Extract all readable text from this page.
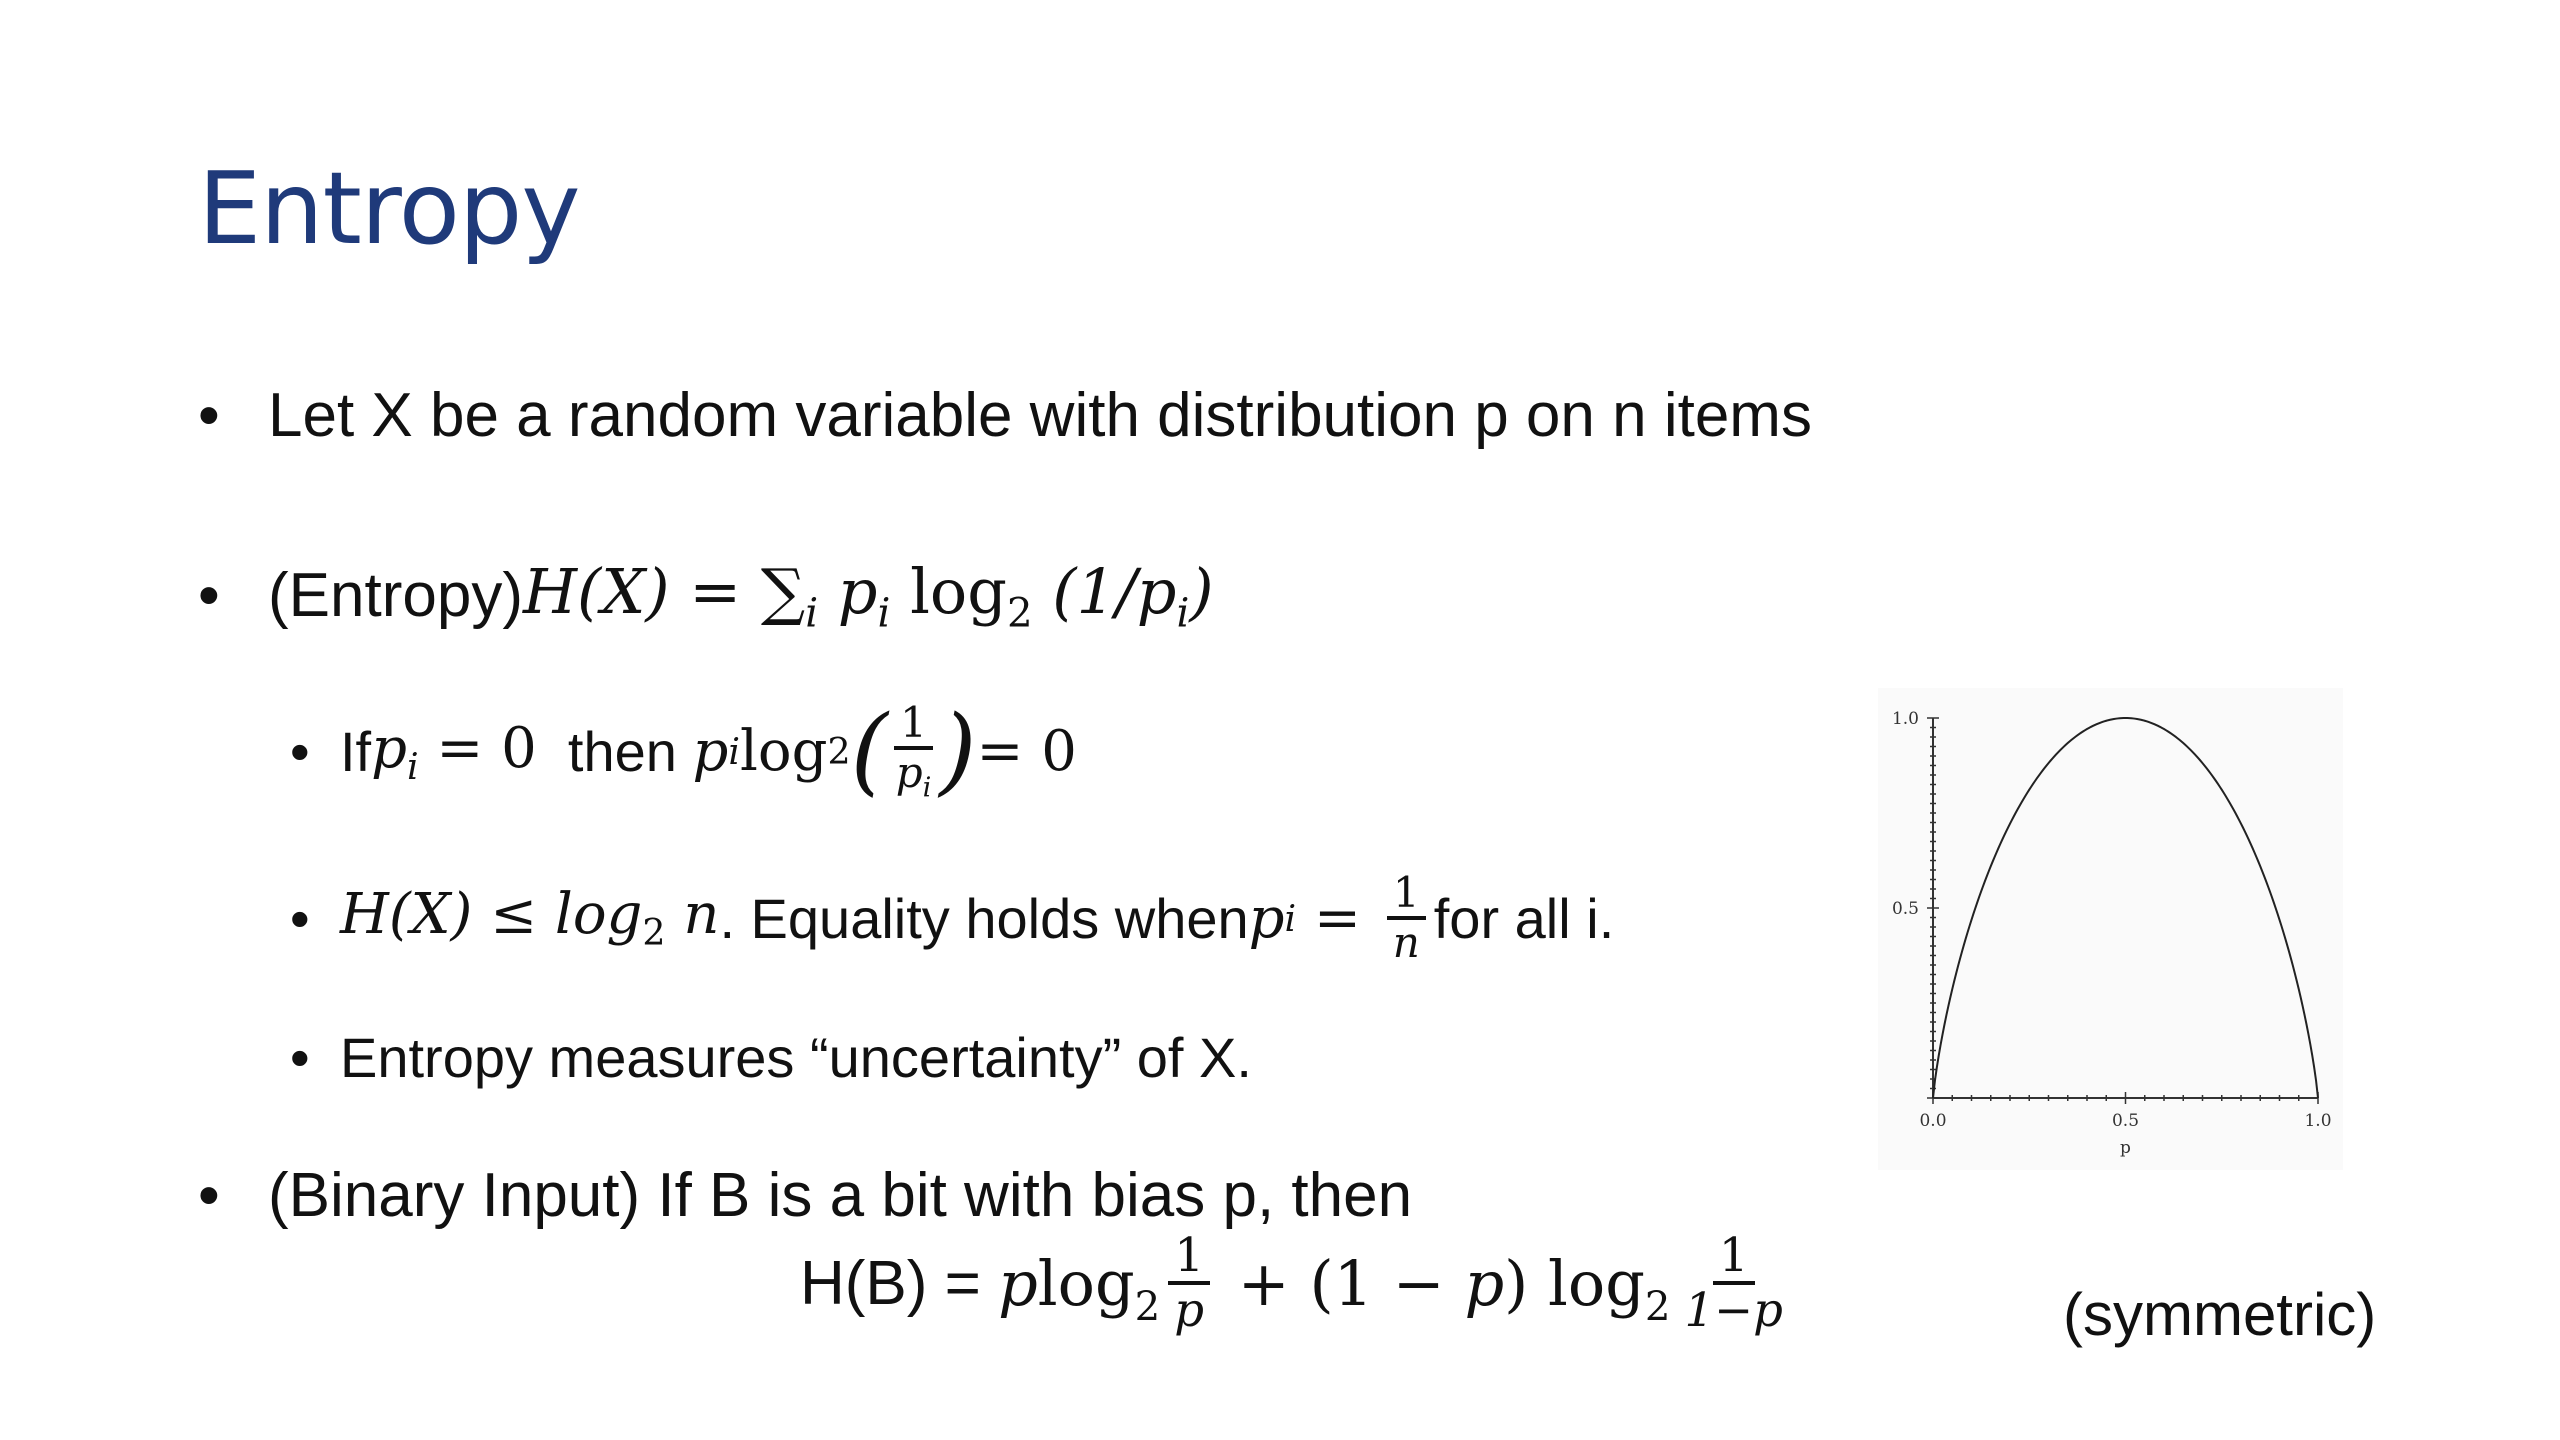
Entropy
• Let X be a random variable with distribution p on n items
• (Entropy) $H(X) = \sum_i$ $p_i$ $\log_2 (1/p_i)$
• If $p_i = 0$ then p i log 2 ( $\frac{1}{p_i}$ ) = 0
• $H(X) \le \log_2 n$ . Equality holds when p $i = \frac{1}{n}$ for all i.
• Entropy measures “uncertainty” of X.
• (Binary Input) If B is a bit with bias p, then
H(B) = p $\log_2 \frac{1}{p} + (1 - p$ ) $\log_2 \frac{1}{1-p}$	(symmetric)
1.0
0.5
0.0	0.5	1.0
p
